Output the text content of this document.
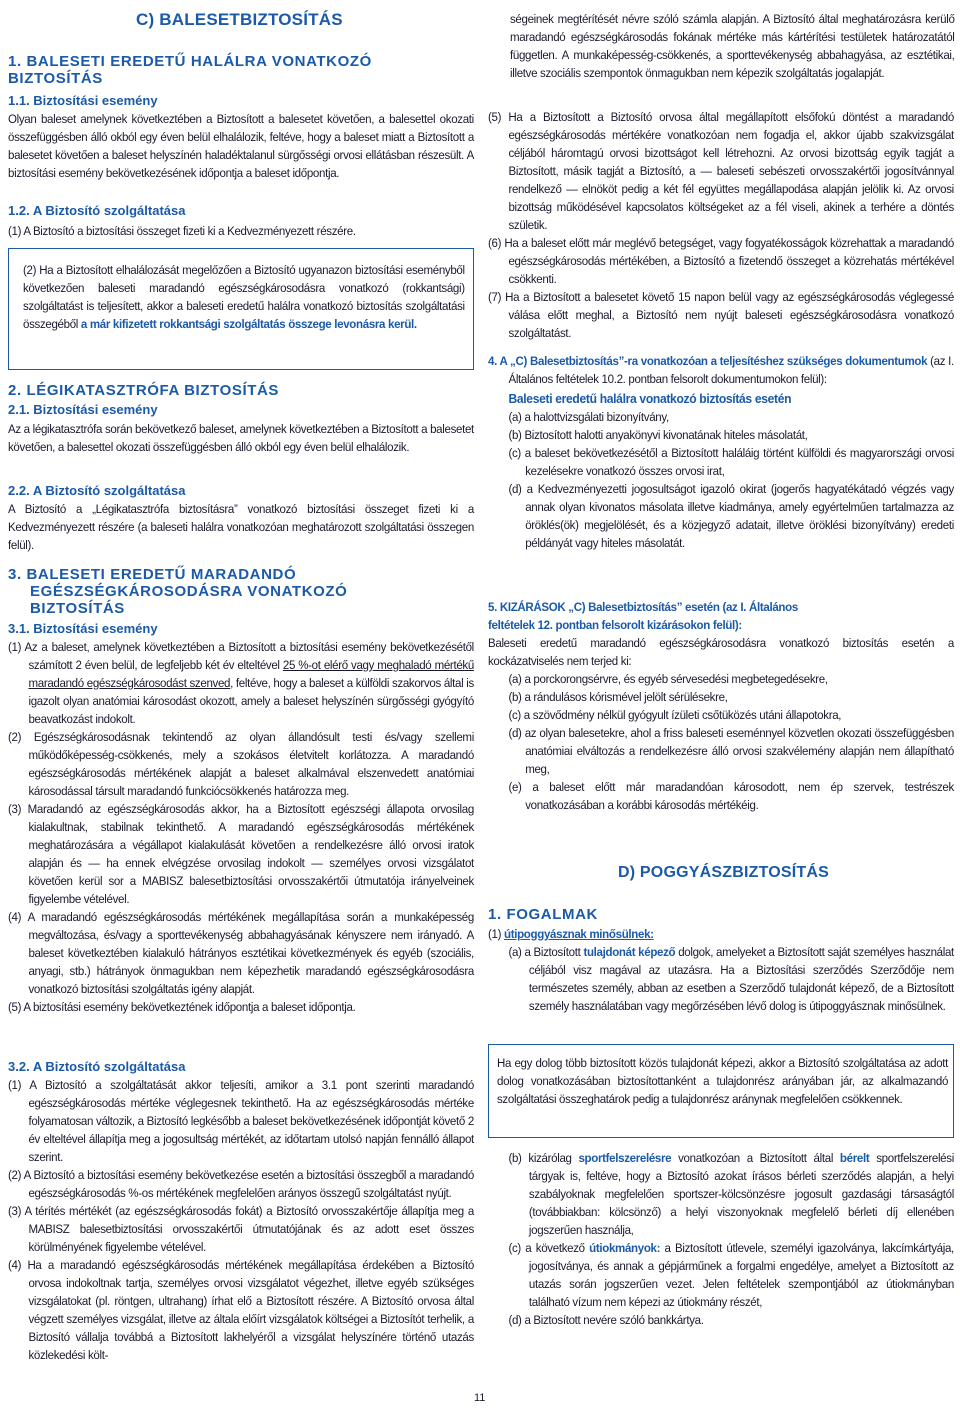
C) BALESETBIZTOSÍTÁS
1. BALESETI EREDETŰ HALÁLRA VONATKOZÓ
BIZTOSÍTÁS
1.1. Biztosítási esemény
Olyan baleset amelynek következtében a Biztosított a balesetet követően, a balesettel okozati összefüggésben álló okból egy éven belül elhalálozik, feltéve, hogy a baleset miatt a Biztosított a balesetet követően a baleset helyszínén haladéktalanul sürgősségi orvosi ellátásban részesült. A biztosítási esemény bekövetkezésének időpontja a baleset időpontja.
1.2. A Biztosító szolgáltatása
(1) A Biztosító a biztosítási összeget fizeti ki a Kedvezményezett részére.
(2) Ha a Biztosított elhalálozását megelőzően a Biztosító ugyanazon biztosítási eseményből következően baleseti maradandó egészségkárosodásra vonatkozó (rokkantsági) szolgáltatást is teljesített, akkor a baleseti eredetű halálra vonatkozó biztosítás szolgáltatási összegéből a már kifizetett rokkantsági szolgáltatás összege levonásra kerül.
2. LÉGIKATASZTRÓFA BIZTOSÍTÁS
2.1. Biztosítási esemény
Az a légikatasztrófa során bekövetkező baleset, amelynek következtében a Biztosított a balesetet követően, a balesettel okozati összefüggésben álló okból egy éven belül elhalálozik.
2.2. A Biztosító szolgáltatása
A Biztosító a „Légikatasztrófa biztosításra” vonatkozó biztosítási összeget fizeti ki a Kedvezményezett részére (a baleseti halálra vonatkozóan meghatározott szolgáltatási összegen felül).
3. BALESETI EREDETŰ MARADANDÓ
EGÉSZSÉGKÁROSODÁSRA VONATKOZÓ
BIZTOSÍTÁS
3.1. Biztosítási esemény

(1) Az a baleset, amelynek következtében a Biztosított a biztosítási esemény bekövetkezésétől számított 2 éven belül, de legfeljebb két év elteltével 25 %-ot elérő vagy meghaladó mértékű maradandó egészségkárosodást szenved, feltéve, hogy a baleset a külföldi szakorvos által is igazolt olyan anatómiai károsodást okozott, amely a baleset helyszínén sürgősségi gyógyító beavatkozást indokolt.

(2) Egészségkárosodásnak tekintendő az olyan állandósult testi és/vagy szellemi működőképesség-csökkenés, mely a szokásos életvitelt korlátozza. A maradandó egészségkárosodás mértékének alapját a baleset alkalmával elszenvedett anatómiai károsodással társult maradandó funkciócsökkenés határozza meg.

(3) Maradandó az egészségkárosodás akkor, ha a Biztosított egészségi állapota orvosilag kialakultnak, stabilnak tekinthető. A maradandó egészségkárosodás mértékének meghatározására a végállapot kialakulását követően a rendelkezésre álló orvosi iratok alapján és — ha ennek elvégzése orvosilag indokolt — személyes orvosi vizsgálatot követően kerül sor a MABISZ balesetbiztosítási orvosszakértői útmutatója irányelveinek figyelembe vételével.

(4) A maradandó egészségkárosodás mértékének megállapítása során a munkaképesség megváltozása, és/vagy a sporttevékenység abbahagyásának kényszere nem irányadó. A baleset következtében kialakuló hátrányos esztétikai következmények és egyéb (szociális, anyagi, stb.) hátrányok önmagukban nem képezhetik maradandó egészségkárosodásra vonatkozó biztosítási szolgáltatás igény alapját.

(5) A biztosítási esemény bekövetkeztének időpontja a baleset időpontja.

3.2. A Biztosító szolgáltatása

(1) A Biztosító a szolgáltatását akkor teljesíti, amikor a 3.1 pont szerinti maradandó egészségkárosodás mértéke véglegesnek tekinthető. Ha az egészségkárosodás mértéke folyamatosan változik, a Biztosító legkésőbb a baleset bekövetkezésének időpontját követő 2 év elteltével állapítja meg a jogosultság mértékét, az időtartam utolsó napján fennálló állapot szerint.

(2) A Biztosító a biztosítási esemény bekövetkezése esetén a biztosítási összegből a maradandó egészségkárosodás %-os mértékének megfelelően arányos összegű szolgáltatást nyújt.

(3) A térítés mértékét (az egészségkárosodás fokát) a Biztosító orvosszakértője állapítja meg a MABISZ balesetbiztosítási orvosszakértői útmutatójának és az adott eset összes körülményének figyelembe vételével.

(4) Ha a maradandó egészségkárosodás mértékének megállapítása érdekében a Biztosító orvosa indokoltnak tartja, személyes orvosi vizsgálatot végezhet, illetve egyéb szükséges vizsgálatokat (pl. röntgen, ultrahang) írhat elő a Biztosított részére. A Biztosító orvosa által végzett személyes vizsgálat, illetve az általa előírt vizsgálatok költségei a Biztosítót terhelik, a Biztosító vállalja továbbá a Biztosított lakhelyéről a vizsgálat helyszínére történő utazás közlekedési költ-

ségeinek megtérítését névre szóló számla alapján. A Biztosító által meghatározásra kerülő maradandó egészségkárosodás fokának mértéke más kártérítési testületek határozatától független. A munkaképesség-csökkenés, a sporttevékenység abbahagyása, az esztétikai, illetve szociális szempontok önmagukban nem képezik szolgáltatás jogalapját.

(5) Ha a Biztosított a Biztosító orvosa által megállapított elsőfokú döntést a maradandó egészségkárosodás mértékére vonatkozóan nem fogadja el, akkor újabb szakvizsgálat céljából háromtagú orvosi bizottságot kell létrehozni. Az orvosi bizottság egyik tagját a Biztosított, másik tagját a Biztosító, a — baleseti sebészeti orvosszakértői jogosítvánnyal rendelkező — elnököt pedig a két fél együttes megállapodása alapján jelölik ki. Az orvosi bizottság működésével kapcsolatos költségeket az a fél viseli, akinek a terhére a döntés születik.

(6) Ha a baleset előtt már meglévő betegséget, vagy fogyatékosságok közrehattak a maradandó egészségkárosodás mértékében, a Biztosító a fizetendő összeget a közrehatás mértékével csökkenti.

(7) Ha a Biztosított a balesetet követő 15 napon belül vagy az egészségkárosodás véglegessé válása előtt meghal, a Biztosító nem nyújt baleseti egészségkárosodásra vonatkozó szolgáltatást.

4. A „C) Balesetbiztosítás”-ra vonatkozóan a teljesítéshez szükséges dokumentumok (az I. Általános feltételek 10.2. pontban felsorolt dokumentumokon felül):

Baleseti eredetű halálra vonatkozó biztosítás esetén

(a) a halottvizsgálati bizonyítvány,

(b) Biztosított halotti anyakönyvi kivonatának hiteles másolatát,

(c) a baleset bekövetkezésétől a Biztosított haláláig történt külföldi és magyarországi orvosi kezelésekre vonatkozó összes orvosi irat,

(d) a Kedvezményezetti jogosultságot igazoló okirat (jogerős hagyatékátadó végzés vagy annak olyan kivonatos másolata illetve kiadmánya, amely egyértelműen tartalmazza az öröklés(ök) megjelölését, és a közjegyző adatait, illetve öröklési bizonyítvány) eredeti példányát vagy hiteles másolatát.

5. KIZÁRÁSOK „C) Balesetbiztosítás” esetén (az I. Általános
feltételek 12. pontban felsorolt kizárásokon felül):

Baleseti eredetű maradandó egészségkárosodásra vonatkozó biztosítás esetén a kockázatviselés nem terjed ki:

(a) a porckorongsérvre, és egyéb sérvesedési megbetegedésekre,

(b) a rándulásos kórismével jelölt sérülésekre,

(c) a szövődmény nélkül gyógyult ízületi csőtüközés utáni állapotokra,

(d) az olyan balesetekre, ahol a friss baleseti eseménnyel közvetlen okozati összefüggésben anatómiai elváltozás a rendelkezésre álló orvosi szakvélemény alapján nem állapítható meg,

(e) a baleset előtt már maradandóan károsodott, nem ép szervek, testrészek vonatkozásában a korábbi károsodás mértékéig.

D) POGGYÁSZBIZTOSÍTÁS
1. FOGALMAK

(1) útipoggyásznak minősülnek:

(a) a Biztosított tulajdonát képező dolgok, amelyeket a Biztosított saját személyes használat céljából visz magával az utazásra. Ha a Biztosítási szerződés Szerződője nem természetes személy, abban az esetben a Szerződő tulajdonát képező, de a Biztosított személy használatában vagy megőrzésében lévő dolog is útipoggyásznak minősülnek.

Ha egy dolog több biztosított közös tulajdonát képezi, akkor a Biztosító szolgáltatása az adott dolog vonatkozásában biztosítottanként a tulajdonrész arányában jár, az alkalmazandó szolgáltatási összeghatárok pedig a tulajdonrész aránynak megfelelően csökkennek.

(b) kizárólag sportfelszerelésre vonatkozóan a Biztosított által bérelt sportfelszerelési tárgyak is, feltéve, hogy a Biztosító azokat írásos bérleti szerződés alapján, a helyi szabályoknak megfelelően sportszer-kölcsönzésre jogosult gazdasági társaságtól (továbbiakban: kölcsönző) a helyi viszonyoknak megfelelő bérleti díj ellenében jogszerűen használja,

(c) a következő útiokmányok: a Biztosított útlevele, személyi igazolványa, lakcímkártyája, jogosítványa, és annak a gépjárműnek a forgalmi engedélye, amelyet a Biztosított az utazás során jogszerűen vezet. Jelen feltételek szempontjából az útiokmányban található vízum nem képezi az útiokmány részét,

(d) a Biztosított nevére szóló bankkártya.

11
